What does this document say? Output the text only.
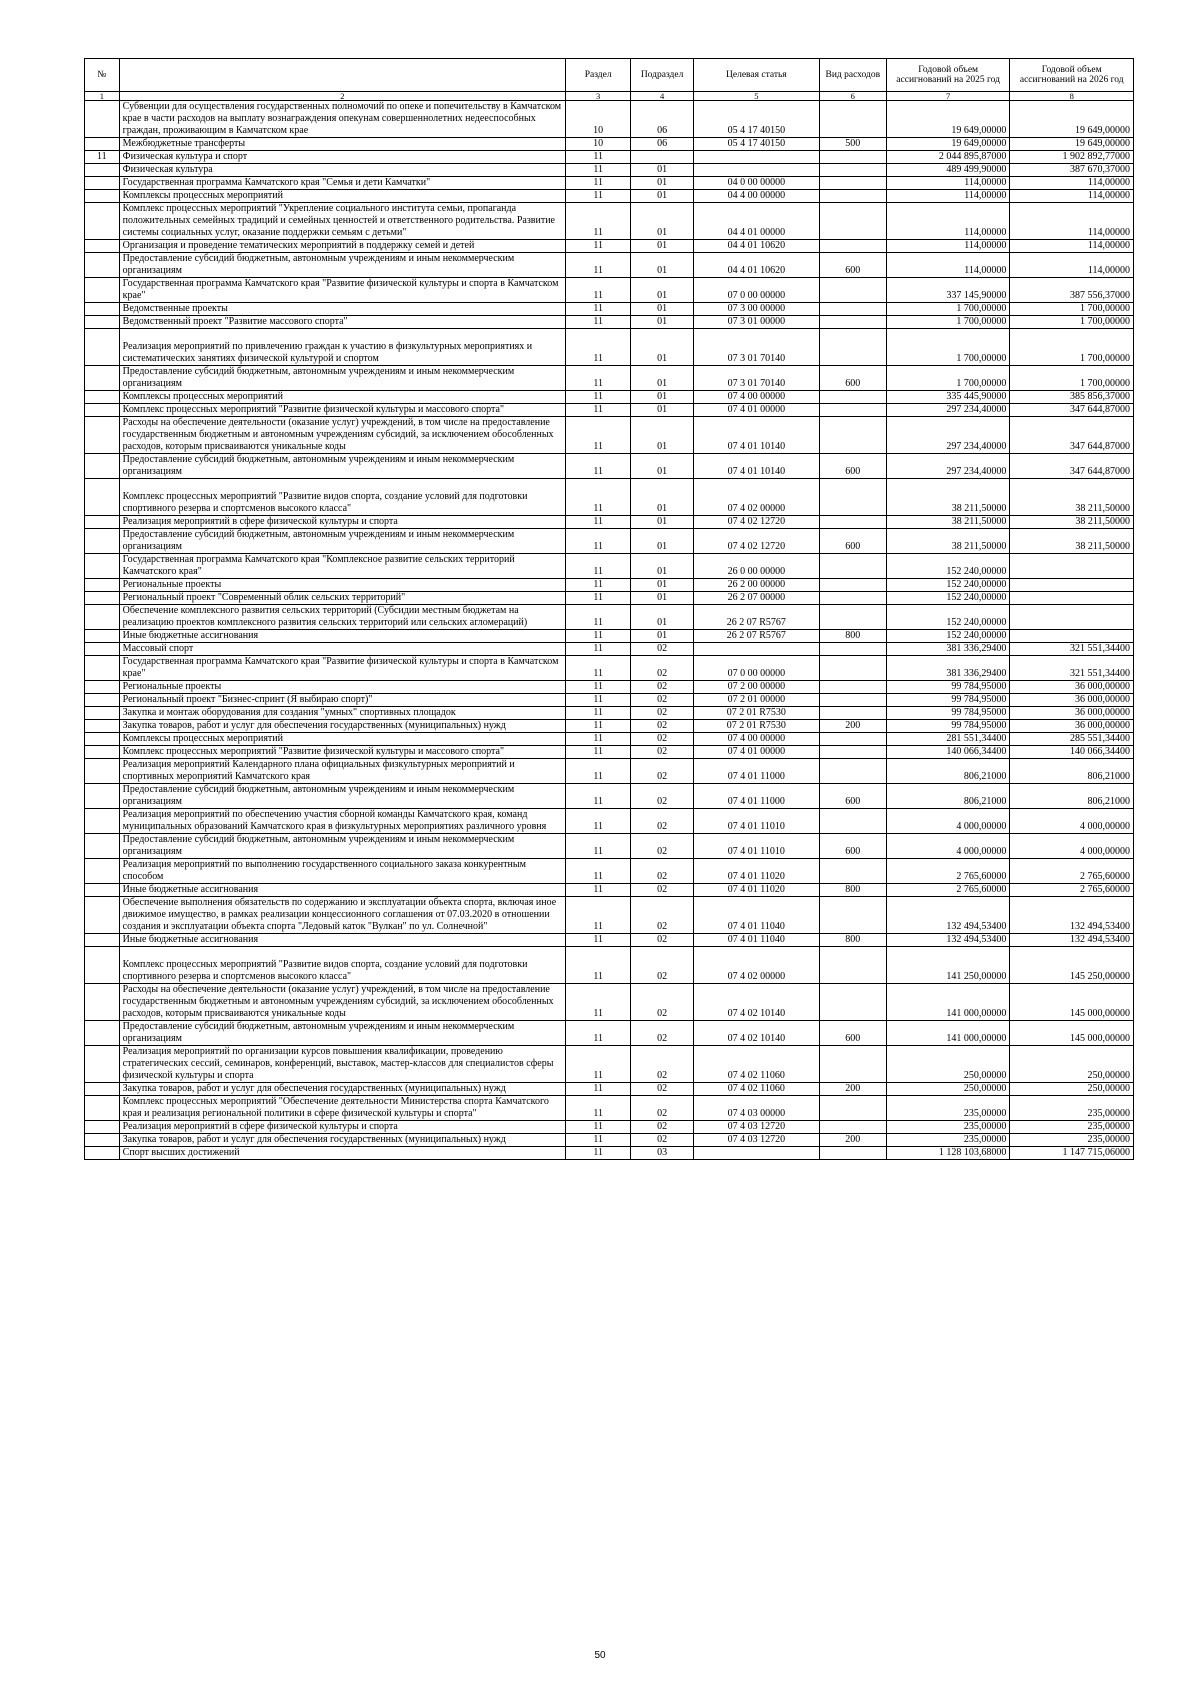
№		Раздел	Подраздел	Целевая статья	Вид расходов	Годовой объем ассигнований на 2025 год	Годовой объем ассигнований на 2026 год
1	2	3	4	5	6	7	8
	Субвенции для осуществления государственных полномочий по опеке и попечительству в Камчатском крае в части расходов на выплату вознаграждения опекунам совершеннолетних недееспособных граждан, проживающим в Камчатском крае	10	06	05 4 17 40150		19 649,00000	19 649,00000
	Межбюджетные трансферты	10	06	05 4 17 40150	500	19 649,00000	19 649,00000
11	Физическая культура и спорт	11				2 044 895,87000	1 902 892,77000
	Физическая культура	11	01			489 499,90000	387 670,37000
	Государственная программа Камчатского края "Семья и дети Камчатки"	11	01	04 0 00 00000		114,00000	114,00000
	Комплексы процессных мероприятий	11	01	04 4 00 00000		114,00000	114,00000
	Комплекс процессных мероприятий "Укрепление социального института семьи, пропаганда положительных семейных традиций и семейных ценностей и ответственного родительства. Развитие системы социальных услуг, оказание поддержки семьям с детьми"	11	01	04 4 01 00000		114,00000	114,00000
	Организация и проведение тематических мероприятий в поддержку семей и детей	11	01	04 4 01 10620		114,00000	114,00000
	Предоставление субсидий бюджетным, автономным учреждениям и иным некоммерческим организациям	11	01	04 4 01 10620	600	114,00000	114,00000
	Государственная программа Камчатского края "Развитие физической культуры и спорта в Камчатском крае"	11	01	07 0 00 00000		337 145,90000	387 556,37000
	Ведомственные проекты	11	01	07 3 00 00000		1 700,00000	1 700,00000
	Ведомственный проект "Развитие массового спорта"	11	01	07 3 01 00000		1 700,00000	1 700,00000
	Реализация мероприятий по привлечению граждан к участию в физкультурных мероприятиях и систематических занятиях физической культурой и спортом	11	01	07 3 01 70140		1 700,00000	1 700,00000
	Предоставление субсидий бюджетным, автономным учреждениям и иным некоммерческим организациям	11	01	07 3 01 70140	600	1 700,00000	1 700,00000
	Комплексы процессных мероприятий	11	01	07 4 00 00000		335 445,90000	385 856,37000
	Комплекс процессных мероприятий "Развитие физической культуры и массового спорта"	11	01	07 4 01 00000		297 234,40000	347 644,87000
	Расходы на обеспечение деятельности (оказание услуг) учреждений, в том числе на предоставление государственным бюджетным и автономным учреждениям субсидий, за исключением обособленных расходов, которым присваиваются уникальные коды	11	01	07 4 01 10140		297 234,40000	347 644,87000
	Предоставление субсидий бюджетным, автономным учреждениям и иным некоммерческим организациям	11	01	07 4 01 10140	600	297 234,40000	347 644,87000
	Комплекс процессных мероприятий "Развитие видов спорта, создание условий для подготовки спортивного резерва и спортсменов высокого класса"	11	01	07 4 02 00000		38 211,50000	38 211,50000
	Реализация мероприятий в сфере физической культуры и спорта	11	01	07 4 02 12720		38 211,50000	38 211,50000
	Предоставление субсидий бюджетным, автономным учреждениям и иным некоммерческим организациям	11	01	07 4 02 12720	600	38 211,50000	38 211,50000
	Государственная программа Камчатского края "Комплексное развитие сельских территорий Камчатского края"	11	01	26 0 00 00000		152 240,00000	
	Региональные проекты	11	01	26 2 00 00000		152 240,00000	
	Региональный проект "Современный облик сельских территорий"	11	01	26 2 07 00000		152 240,00000	
	Обеспечение комплексного развития сельских территорий (Субсидии местным бюджетам на реализацию проектов комплексного развития сельских территорий или сельских агломераций)	11	01	26 2 07 R5767		152 240,00000	
	Иные бюджетные ассигнования	11	01	26 2 07 R5767	800	152 240,00000	
	Массовый спорт	11	02			381 336,29400	321 551,34400
	Государственная программа Камчатского края "Развитие физической культуры и спорта в Камчатском крае"	11	02	07 0 00 00000		381 336,29400	321 551,34400
	Региональные проекты	11	02	07 2 00 00000		99 784,95000	36 000,00000
	Региональный проект "Бизнес-спринт (Я выбираю спорт)"	11	02	07 2 01 00000		99 784,95000	36 000,00000
	Закупка и монтаж оборудования для создания "умных" спортивных площадок	11	02	07 2 01 R7530		99 784,95000	36 000,00000
	Закупка товаров, работ и услуг для обеспечения государственных (муниципальных) нужд	11	02	07 2 01 R7530	200	99 784,95000	36 000,00000
	Комплексы процессных мероприятий	11	02	07 4 00 00000		281 551,34400	285 551,34400
	Комплекс процессных мероприятий "Развитие физической культуры и массового спорта"	11	02	07 4 01 00000		140 066,34400	140 066,34400
	Реализация мероприятий Календарного плана официальных физкультурных мероприятий и спортивных мероприятий Камчатского края	11	02	07 4 01 11000		806,21000	806,21000
	Предоставление субсидий бюджетным, автономным учреждениям и иным некоммерческим организациям	11	02	07 4 01 11000	600	806,21000	806,21000
	Реализация мероприятий по обеспечению участия сборной команды Камчатского края, команд муниципальных образований Камчатского края в физкультурных мероприятиях различного уровня	11	02	07 4 01 11010		4 000,00000	4 000,00000
	Предоставление субсидий бюджетным, автономным учреждениям и иным некоммерческим организациям	11	02	07 4 01 11010	600	4 000,00000	4 000,00000
	Реализация мероприятий по выполнению государственного социального заказа конкурентным способом	11	02	07 4 01 11020		2 765,60000	2 765,60000
	Иные бюджетные ассигнования	11	02	07 4 01 11020	800	2 765,60000	2 765,60000
	Обеспечение выполнения обязательств по содержанию и эксплуатации объекта спорта, включая иное движимое имущество, в рамках реализации концессионного соглашения от 07.03.2020 в отношении создания и эксплуатации объекта спорта "Ледовый каток "Вулкан" по ул. Солнечной"	11	02	07 4 01 11040		132 494,53400	132 494,53400
	Иные бюджетные ассигнования	11	02	07 4 01 11040	800	132 494,53400	132 494,53400
	Комплекс процессных мероприятий "Развитие видов спорта, создание условий для подготовки спортивного резерва и спортсменов высокого класса"	11	02	07 4 02 00000		141 250,00000	145 250,00000
	Расходы на обеспечение деятельности (оказание услуг) учреждений, в том числе на предоставление государственным бюджетным и автономным учреждениям субсидий, за исключением обособленных расходов, которым присваиваются уникальные коды	11	02	07 4 02 10140		141 000,00000	145 000,00000
	Предоставление субсидий бюджетным, автономным учреждениям и иным некоммерческим организациям	11	02	07 4 02 10140	600	141 000,00000	145 000,00000
	Реализация мероприятий по организации курсов повышения квалификации, проведению стратегических сессий, семинаров, конференций, выставок, мастер-классов для специалистов сферы физической культуры и спорта	11	02	07 4 02 11060		250,00000	250,00000
	Закупка товаров, работ и услуг для обеспечения государственных (муниципальных) нужд	11	02	07 4 02 11060	200	250,00000	250,00000
	Комплекс процессных мероприятий "Обеспечение деятельности Министерства спорта Камчатского края и реализация региональной политики в сфере физической культуры и спорта"	11	02	07 4 03 00000		235,00000	235,00000
	Реализация мероприятий в сфере физической культуры и спорта	11	02	07 4 03 12720		235,00000	235,00000
	Закупка товаров, работ и услуг для обеспечения государственных (муниципальных) нужд	11	02	07 4 03 12720	200	235,00000	235,00000
	Спорт высших достижений	11	03			1 128 103,68000	1 147 715,06000
50
